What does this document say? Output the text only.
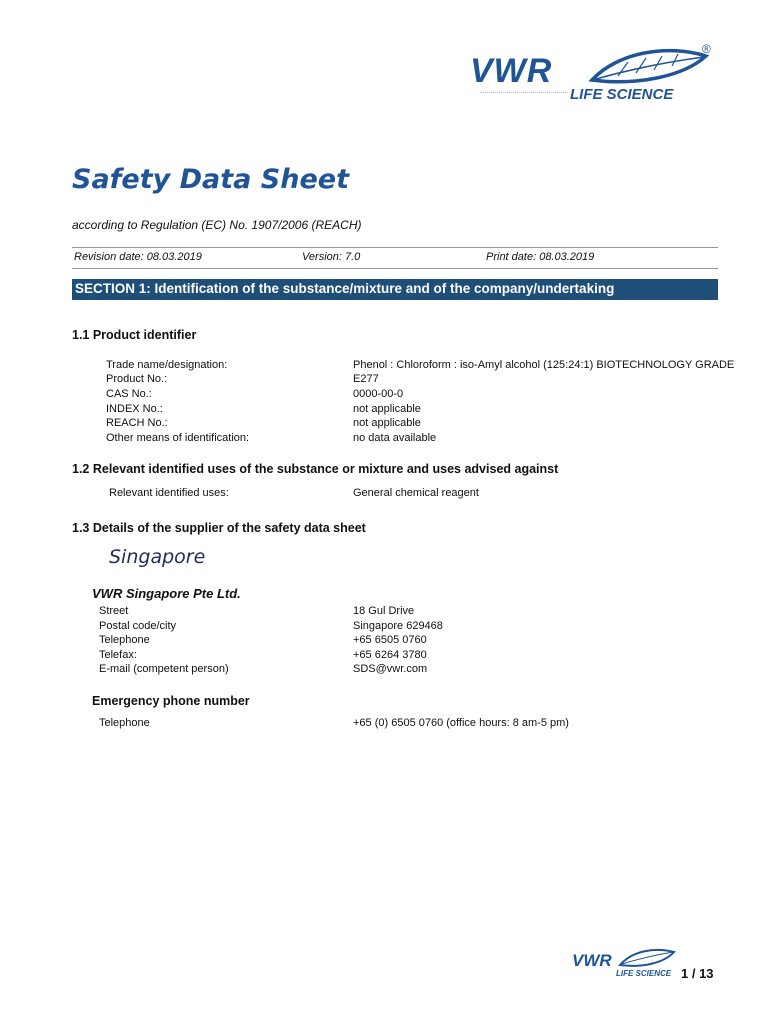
VWR
®
LIFE SCIENCE
Safety Data Sheet
according to Regulation (EC) No. 1907/2006 (REACH)
Revision date: 08.03.2019	Version: 7.0	Print date: 08.03.2019
SECTION 1: Identification of the substance/mixture and of the company/undertaking
1.1 Product identifier
Trade name/designation:	Phenol : Chloroform : iso-Amyl alcohol (125:24:1) BIOTECHNOLOGY GRADE
Product No.:	E277
CAS No.:	0000-00-0
INDEX No.:	not applicable
REACH No.:	not applicable
Other means of identification:	no data available
1.2 Relevant identified uses of the substance or mixture and uses advised against
Relevant identified uses:	General chemical reagent
1.3 Details of the supplier of the safety data sheet
Singapore
VWR Singapore Pte Ltd.
Street	18 Gul Drive
Postal code/city	Singapore 629468
Telephone	+65 6505 0760
Telefax:	+65 6264 3780
E-mail (competent person)	SDS@vwr.com
Emergency phone number
Telephone	+65 (0) 6505 0760 (office hours: 8 am-5 pm)
VWR
LIFE SCIENCE 1 / 13
